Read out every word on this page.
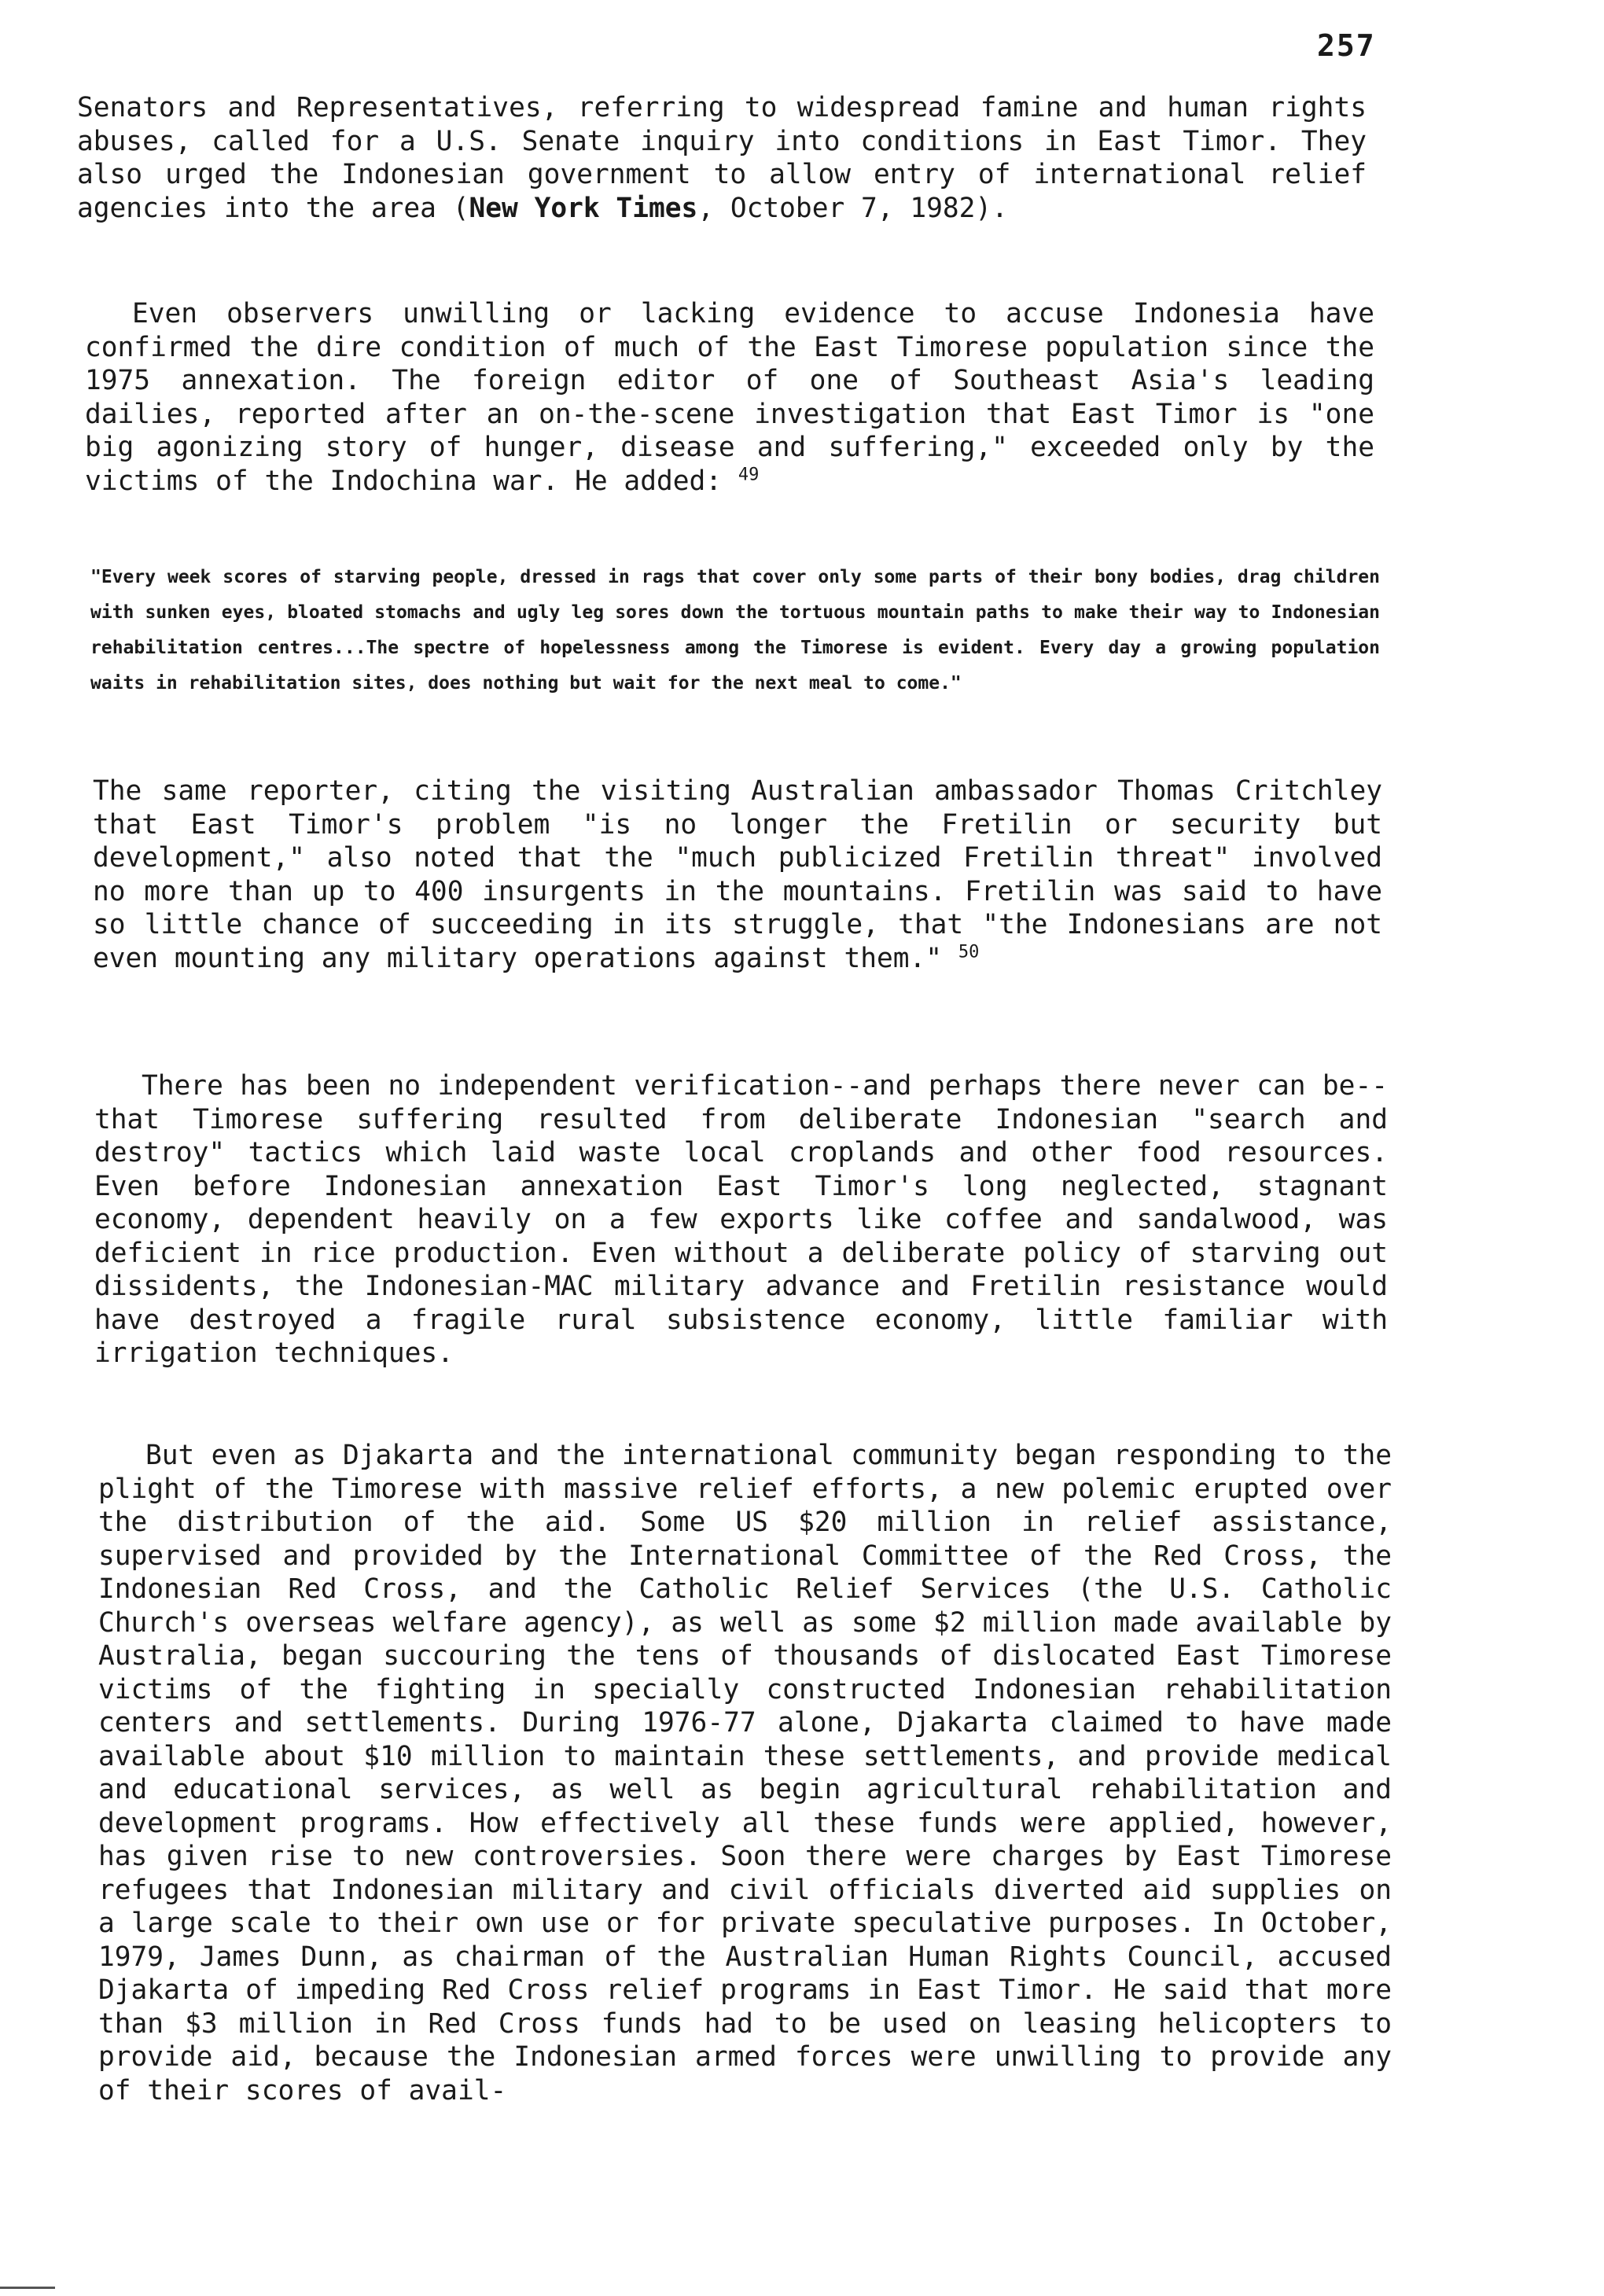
257

Senators and Representatives, referring to widespread famine and human rights abuses, called for a U.S. Senate inquiry into conditions in East Timor. They also urged the Indonesian government to allow entry of international relief agencies into the area (New York Times, October 7, 1982).

Even observers unwilling or lacking evidence to accuse Indonesia have confirmed the dire condition of much of the East Timorese population since the 1975 annexation. The foreign editor of one of Southeast Asia's leading dailies, reported after an on-the-scene investigation that East Timor is "one big agonizing story of hunger, disease and suffering," exceeded only by the victims of the Indochina war. He added: $^{49}$

"Every week scores of starving people, dressed in rags that cover only some parts of their bony bodies, drag children with sunken eyes, bloated stomachs and ugly leg sores down the tortuous mountain paths to make their way to Indonesian rehabilitation centres...The spectre of hopelessness among the Timorese is evident. Every day a growing population waits in rehabilitation sites, does nothing but wait for the next meal to come."

The same reporter, citing the visiting Australian ambassador Thomas Critchley that East Timor's problem "is no longer the Fretilin or security but development," also noted that the "much publicized Fretilin threat" involved no more than up to 400 insurgents in the mountains. Fretilin was said to have so little chance of succeeding in its struggle, that "the Indonesians are not even mounting any military operations against them." $^{50}$

There has been no independent verification--and perhaps there never can be--that Timorese suffering resulted from deliberate Indonesian "search and destroy" tactics which laid waste local croplands and other food resources. Even before Indonesian annexation East Timor's long neglected, stagnant economy, dependent heavily on a few exports like coffee and sandalwood, was deficient in rice production. Even without a deliberate policy of starving out dissidents, the Indonesian-MAC military advance and Fretilin resistance would have destroyed a fragile rural subsistence economy, little familiar with irrigation techniques.

But even as Djakarta and the international community began responding to the plight of the Timorese with massive relief efforts, a new polemic erupted over the distribution of the aid. Some US $20 million in relief assistance, supervised and provided by the International Committee of the Red Cross, the Indonesian Red Cross, and the Catholic Relief Services (the U.S. Catholic Church's overseas welfare agency), as well as some $2 million made available by Australia, began succouring the tens of thousands of dislocated East Timorese victims of the fighting in specially constructed Indonesian rehabilitation centers and settlements. During 1976-77 alone, Djakarta claimed to have made available about $10 million to maintain these settlements, and provide medical and educational services, as well as begin agricultural rehabilitation and development programs. How effectively all these funds were applied, however, has given rise to new controversies. Soon there were charges by East Timorese refugees that Indonesian military and civil officials diverted aid supplies on a large scale to their own use or for private speculative purposes. In October, 1979, James Dunn, as chairman of the Australian Human Rights Council, accused Djakarta of impeding Red Cross relief programs in East Timor. He said that more than $3 million in Red Cross funds had to be used on leasing helicopters to provide aid, because the Indonesian armed forces were unwilling to provide any of their scores of avail-
